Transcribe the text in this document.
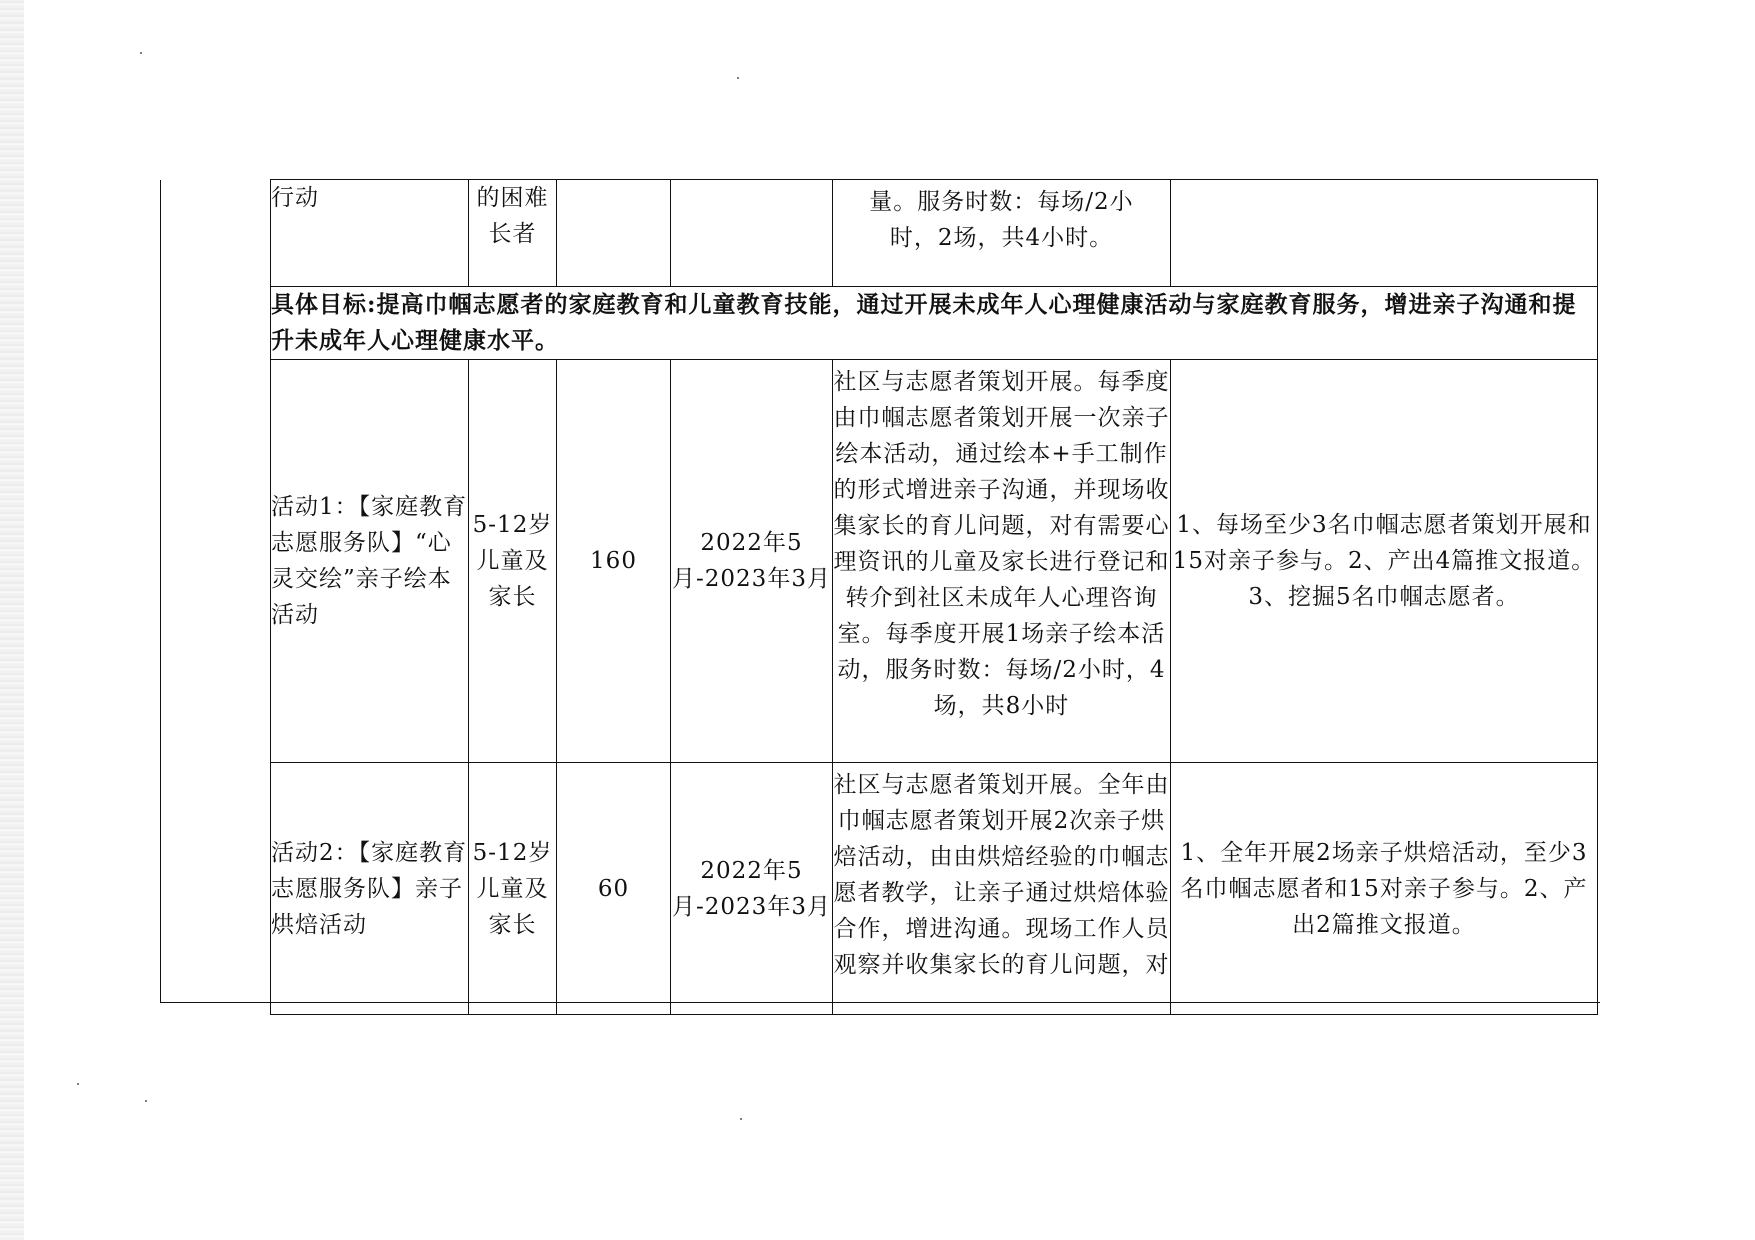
行动	的困难长者			量。服务时数：每场/2小时，2场，共4小时。	

具体目标:提高巾帼志愿者的家庭教育和儿童教育技能，通过开展未成年人心理健康活动与家庭教育服务，增进亲子沟通和提升未成年人心理健康水平。					

活动1：【家庭教育志愿服务队】“心灵交绘”亲子绘本活动	5-12岁儿童及家长	160	2022年5月-2023年3月	社区与志愿者策划开展。每季度由巾帼志愿者策划开展一次亲子绘本活动，通过绘本+手工制作的形式增进亲子沟通，并现场收集家长的育儿问题，对有需要心理资讯的儿童及家长进行登记和转介到社区未成年人心理咨询室。每季度开展1场亲子绘本活动，服务时数：每场/2小时，4场，共8小时	1、每场至少3名巾帼志愿者策划开展和15对亲子参与。2、产出4篇推文报道。3、挖掘5名巾帼志愿者。

活动2：【家庭教育志愿服务队】亲子烘焙活动	5-12岁儿童及家长	60	2022年5月-2023年3月	社区与志愿者策划开展。全年由巾帼志愿者策划开展2次亲子烘焙活动，由由烘焙经验的巾帼志愿者教学，让亲子通过烘焙体验合作，增进沟通。现场工作人员观察并收集家长的育儿问题，对	1、全年开展2场亲子烘焙活动，至少3名巾帼志愿者和15对亲子参与。2、产出2篇推文报道。
